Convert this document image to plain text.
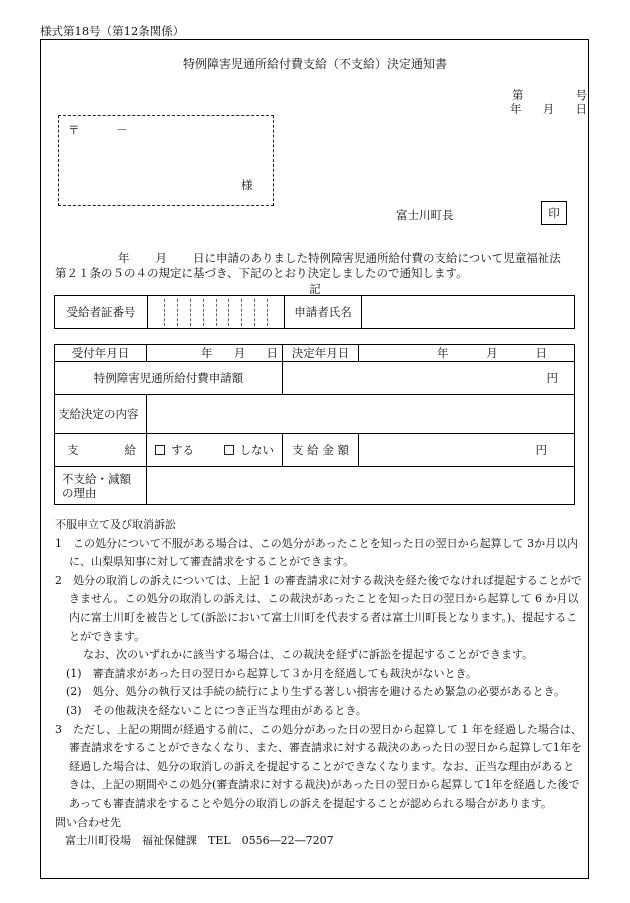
様式第18号（第12条関係）
特例障害児通所給付費支給（不支給）決定通知書
第	号
年 月 日
〒	－
様
富士川町長	印
年 月 日に申請のありました特例障害児通所給付費の支給について児童福祉法
第２１条の５の４の規定に基づき、下記のとおり決定しましたので通知します。
記
受給者証番号		申請者氏名	
受付年月日	年 月 日	決定年月日	年 月 日

特例障害児通所給付費申請額		円	
支給決定の内容			

支 給	する しない	支 給 金 額	円

不支給・減額
の理由			

不服申立て及び取消訴訟

1　この処分について不服がある場合は、この処分があったことを知った日の翌日から起算して 3か月以内に、山梨県知事に対して審査請求をすることができます。

2　処分の取消しの訴えについては、上記 1 の審査請求に対する裁決を経た後でなければ提起することができません。この処分の取消しの訴えは、この裁決があったことを知った日の翌日から起算して 6 か月以内に富士川町を被告として(訴訟において富士川町を代表する者は富士川町長となります。)、提起することができます。

なお、次のいずれかに該当する場合は、この裁決を経ずに訴訟を提起することができます。

(1)　審査請求があった日の翌日から起算して３か月を経過しても裁決がないとき。

(2)　処分、処分の執行又は手続の続行により生ずる著しい損害を避けるため緊急の必要があるとき。

(3)　その他裁決を経ないことにつき正当な理由があるとき。

3　ただし、上記の期間が経過する前に、この処分があった日の翌日から起算して 1 年を経過した場合は、審査請求をすることができなくなり、また、審査請求に対する裁決のあった日の翌日から起算して1年を経過した場合は、処分の取消しの訴えを提起することができなくなります。なお、正当な理由があるときは、上記の期間やこの処分(審査請求に対する裁決)があった日の翌日から起算して1年を経過した後であっても審査請求をすることや処分の取消しの訴えを提起することが認められる場合があります。

問い合わせ先

富士川町役場　福祉保健課　TEL　0556―22―7207
